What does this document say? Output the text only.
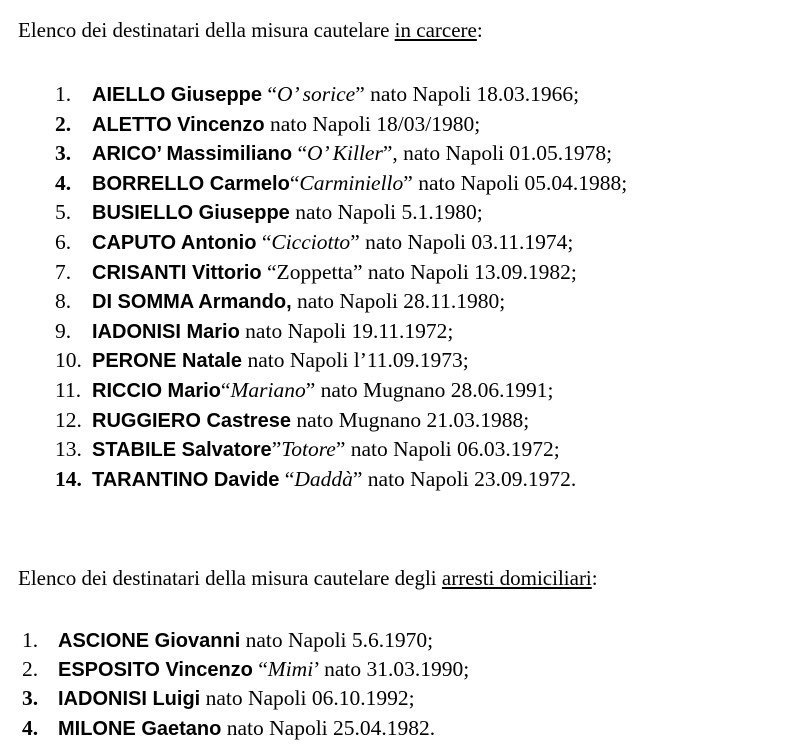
Elenco dei destinatari della misura cautelare in carcere:
1. AIELLO Giuseppe “O’ sorice” nato Napoli 18.03.1966;
2. ALETTO Vincenzo nato Napoli 18/03/1980;
3. ARICO’ Massimiliano “O’ Killer”, nato Napoli 01.05.1978;
4. BORRELLO Carmelo“Carminiello” nato Napoli 05.04.1988;
5. BUSIELLO Giuseppe nato Napoli 5.1.1980;
6. CAPUTO Antonio “Cicciotto” nato Napoli 03.11.1974;
7. CRISANTI Vittorio “Zoppetta” nato Napoli 13.09.1982;
8. DI SOMMA Armando, nato Napoli 28.11.1980;
9. IADONISI Mario nato Napoli 19.11.1972;
10. PERONE Natale nato Napoli l’11.09.1973;
11. RICCIO Mario“Mariano” nato Mugnano 28.06.1991;
12. RUGGIERO Castrese nato Mugnano 21.03.1988;
13. STABILE Salvatore”Totore” nato Napoli 06.03.1972;
14. TARANTINO Davide “Daddà” nato Napoli 23.09.1972.
Elenco dei destinatari della misura cautelare degli arresti domiciliari:
1. ASCIONE Giovanni nato Napoli 5.6.1970;
2. ESPOSITO Vincenzo “Mimi’ nato 31.03.1990;
3. IADONISI Luigi nato Napoli 06.10.1992;
4. MILONE Gaetano nato Napoli 25.04.1982.
